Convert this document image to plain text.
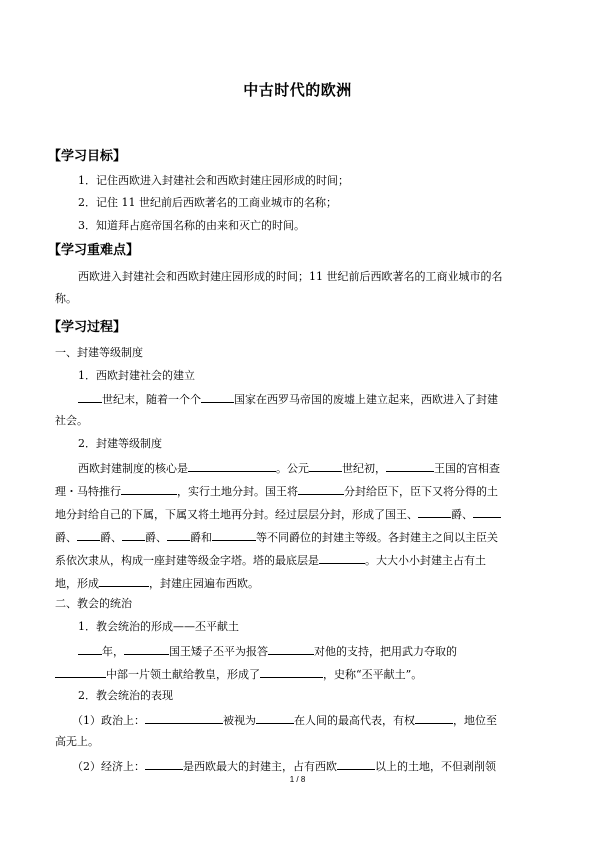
中古时代的欧洲
【学习目标】
1．记住西欧进入封建社会和西欧封建庄园形成的时间；
2．记住 11 世纪前后西欧著名的工商业城市的名称；
3．知道拜占庭帝国名称的由来和灭亡的时间。
【学习重难点】
西欧进入封建社会和西欧封建庄园形成的时间；11 世纪前后西欧著名的工商业城市的名
称。
【学习过程】
一、封建等级制度
1．西欧封建社会的建立
世纪末，随着一个个	国家在西罗马帝国的废墟上建立起来，西欧进入了封建
社会。
2．封建等级制度
西欧封建制度的核心是	。公元	世纪初，	王国的宫相查
理・马特推行	，实行土地分封。国王将	分封给臣下，臣下又将分得的土
地分封给自己的下属，下属又将土地再分封。经过层层分封，形成了国王、	爵、
爵、 爵、 爵、 爵和	等不同爵位的封建主等级。各封建主之间以主臣关
系依次隶从，构成一座封建等级金字塔。塔的最底层是	。大大小小封建主占有土
地，形成	，封建庄园遍布西欧。
二、教会的统治
1．教会统治的形成——丕平献土
年，	国王矮子丕平为报答	对他的支持，把用武力夺取的
中部一片领土献给教皇，形成了	，史称“丕平献土”。
2．教会统治的表现
（1）政治上：	被视为	在人间的最高代表，有权	，地位至
高无上。
（2）经济上：	是西欧最大的封建主，占有西欧	以上的土地，不但剥削领
1 / 8
